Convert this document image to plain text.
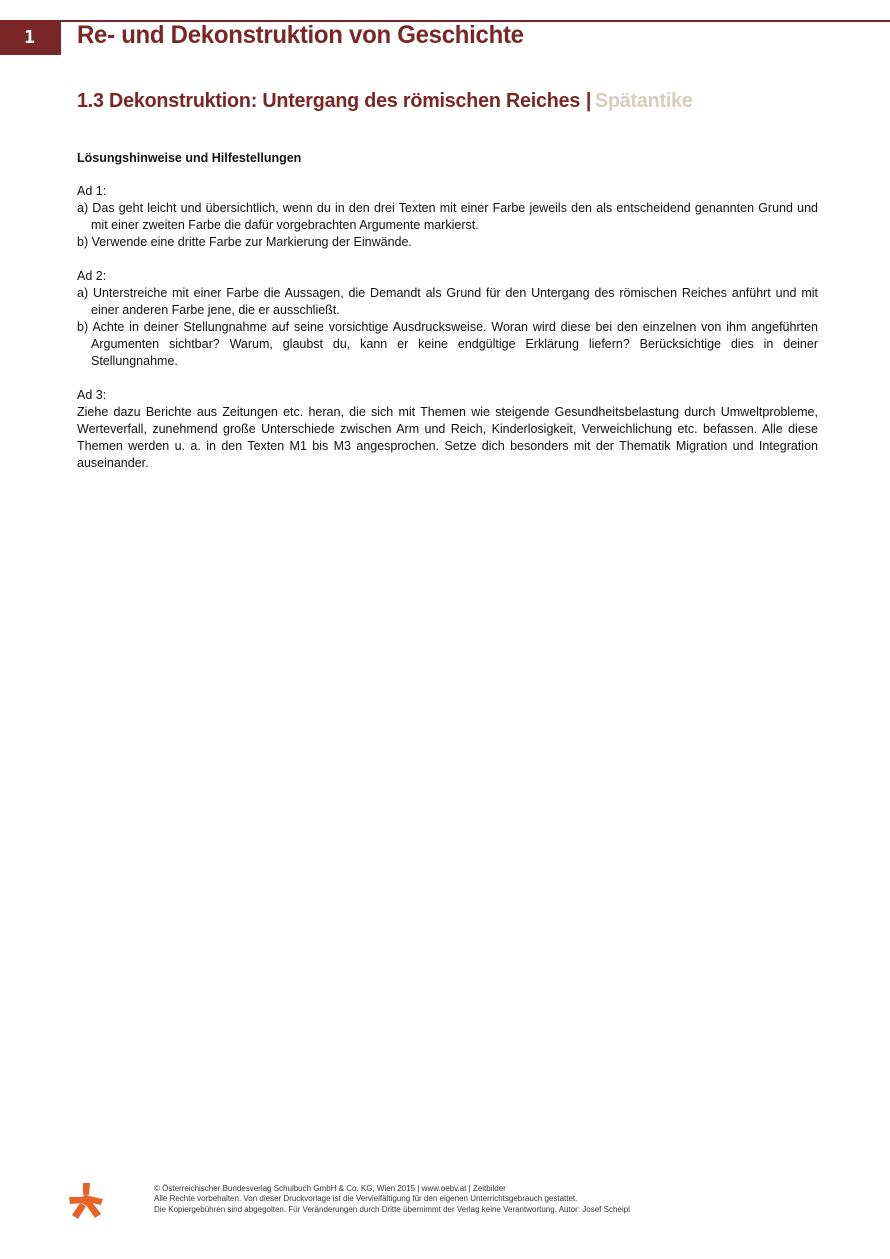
1 Re- und Dekonstruktion von Geschichte
1.3 Dekonstruktion: Untergang des römischen Reiches | Spätantike
Lösungshinweise und Hilfestellungen

Ad 1:

a) Das geht leicht und übersichtlich, wenn du in den drei Texten mit einer Farbe jeweils den als entscheidend genannten Grund und mit einer zweiten Farbe die dafür vorgebrachten Argumente markierst.

b) Verwende eine dritte Farbe zur Markierung der Einwände.

Ad 2:

a) Unterstreiche mit einer Farbe die Aussagen, die Demandt als Grund für den Untergang des römischen Reiches anführt und mit einer anderen Farbe jene, die er ausschließt.

b) Achte in deiner Stellungnahme auf seine vorsichtige Ausdrucksweise. Woran wird diese bei den einzelnen von ihm angeführten Argumenten sichtbar? Warum, glaubst du, kann er keine endgültige Erklärung liefern? Berücksichtige dies in deiner Stellungnahme.

Ad 3:

Ziehe dazu Berichte aus Zeitungen etc. heran, die sich mit Themen wie steigende Gesundheitsbelastung durch Umweltprobleme, Werteverfall, zunehmend große Unterschiede zwischen Arm und Reich, Kinderlosigkeit, Verweichlichung etc. befassen. Alle diese Themen werden u. a. in den Texten M1 bis M3 angesprochen. Setze dich besonders mit der Thematik Migration und Integration auseinander.

© Österreichischer Bundesverlag Schulbuch GmbH & Co. KG, Wien 2015 | www.oebv.at | Zeitbilder
Alle Rechte vorbehalten. Von dieser Druckvorlage ist die Vervielfältigung für den eigenen Unterrichtsgebrauch gestattet.
Die Kopiergebühren sind abgegolten. Für Veränderungen durch Dritte übernimmt der Verlag keine Verantwortung. Autor: Josef Scheipl
